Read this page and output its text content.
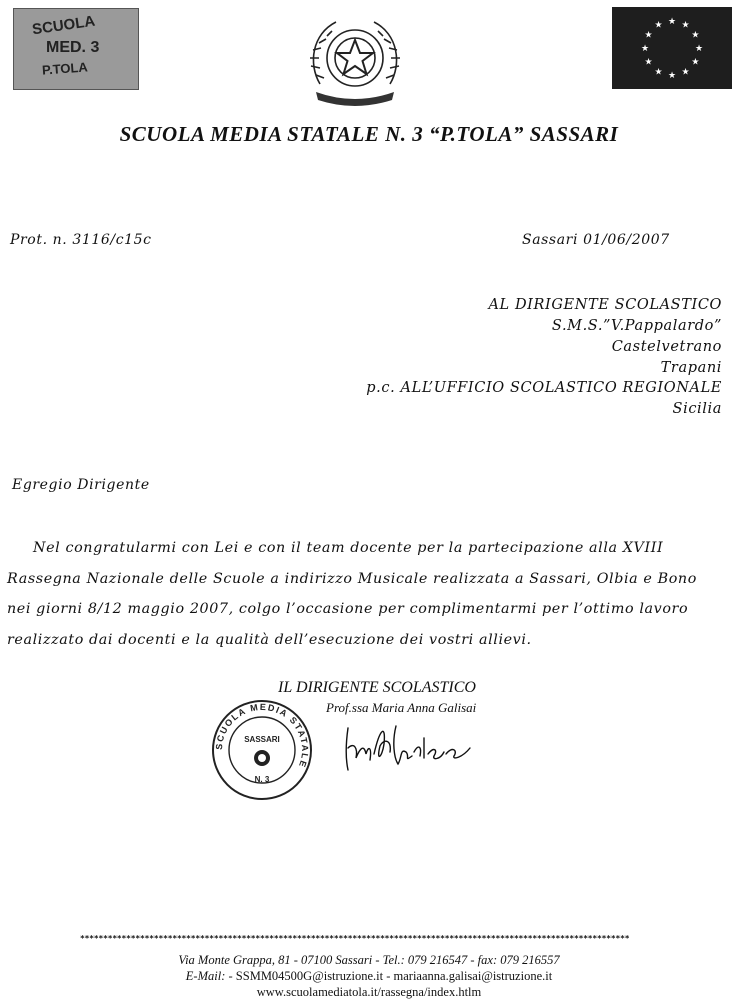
SCUOLA
MED. 3
P.TOLA
REPUBBLICA ITALIANA
★ ★
★
★
★
★
★
★
★
★
★
★
SCUOLA MEDIA STATALE N. 3 “P.TOLA” SASSARI
Prot. n. 3116/c15c	Sassari 01/06/2007
AL DIRIGENTE SCOLASTICO
S.M.S.”V.Pappalardo”
Castelvetrano
Trapani
p.c. ALL’UFFICIO SCOLASTICO REGIONALE
Sicilia
Egregio Dirigente
Nel congratularmi con Lei e con il team docente per la partecipazione alla XVIII
Rassegna Nazionale delle Scuole a indirizzo Musicale realizzata a Sassari, Olbia e Bono
nei giorni 8/12 maggio 2007, colgo l’occasione per complimentarmi per l’ottimo lavoro
realizzato dai docenti e la qualità dell’esecuzione dei vostri allievi.
IL DIRIGENTE SCOLASTICO
Prof.ssa Maria Anna Galisai
SCUOLA MEDIA STATALE
SASSARI
N. 3
***********************************************************************************************************************
Via Monte Grappa, 81 - 07100 Sassari - Tel.: 079 216547 - fax: 079 216557
E-Mail: - SSMM04500G@istruzione.it - mariaanna.galisai@istruzione.it
www.scuolamediatola.it/rassegna/index.htlm
